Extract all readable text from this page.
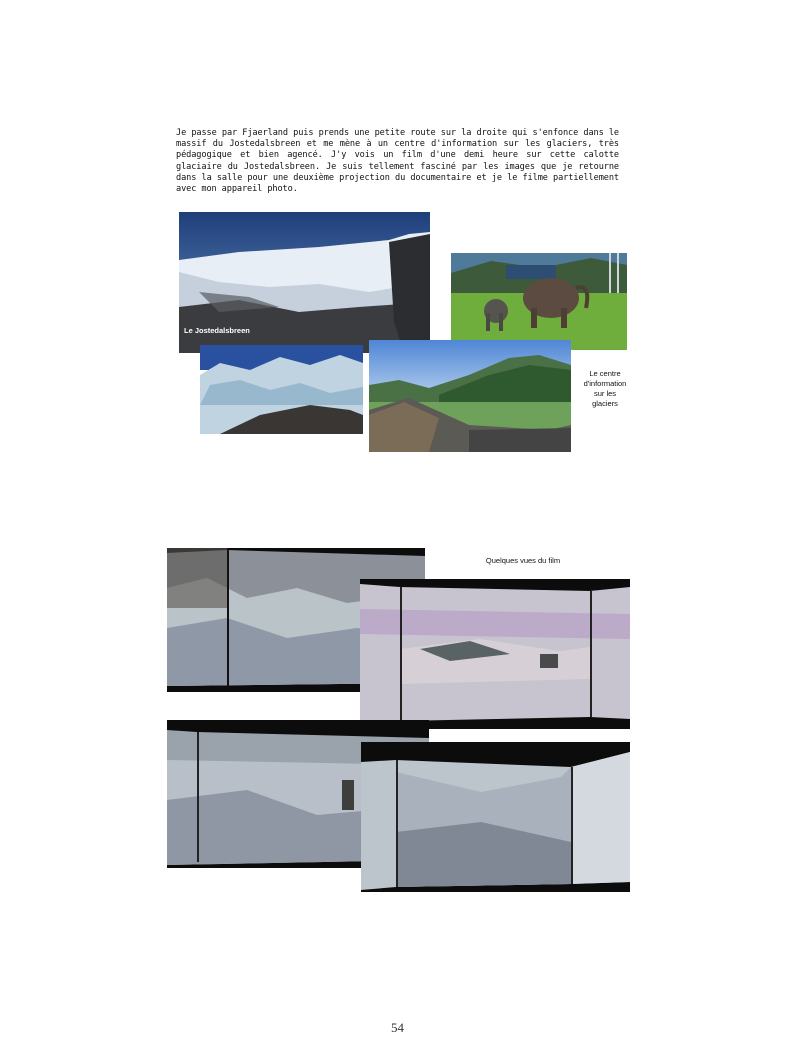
Je passe par Fjaerland puis prends une petite route sur la droite qui s'enfonce dans le massif du Jostedalsbreen et me mène à un centre d'information sur les glaciers, très pédagogique et bien agencé. J'y vois un film d'une demi heure sur cette calotte glaciaire du Jostedalsbreen. Je suis tellement fasciné par les images que je retourne dans la salle pour une deuxième projection du documentaire et je le filme partiellement avec mon appareil photo.
Le Jostedalsbreen
Le centre d'information sur les glaciers
Quelques vues du film
54
